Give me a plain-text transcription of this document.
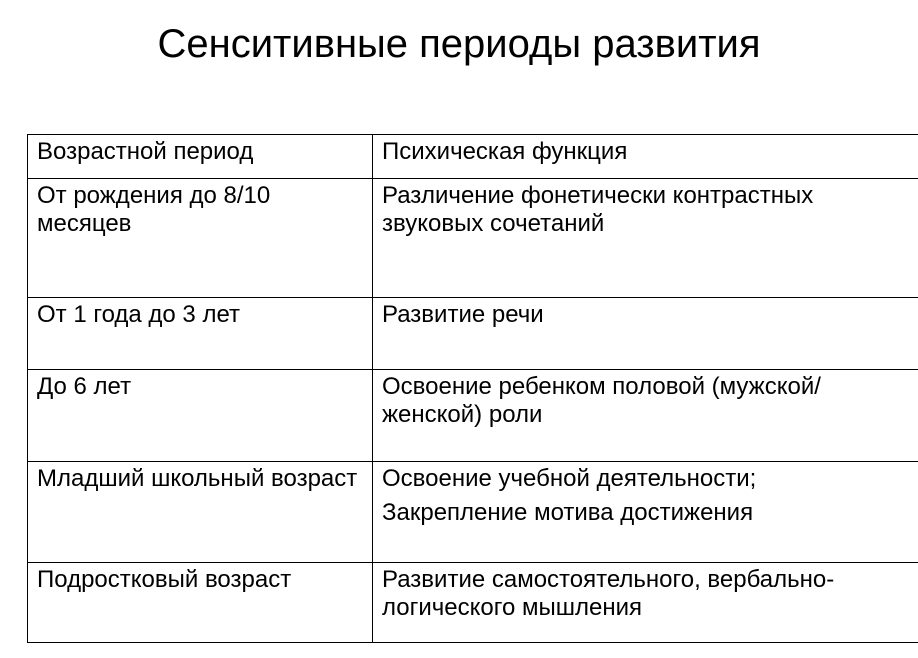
Сенситивные периоды развития
Возрастной период	Психическая функция
От рождения до 8/10 месяцев	Различение фонетически контрастных звуковых сочетаний

От 1 года до 3 лет	Развитие речи

До 6 лет	Освоение ребенком половой (мужской/женской) роли

Младший школьный возраст	Освоение учебной деятельности;
Закрепление мотива достижения

Подростковый возраст	Развитие самостоятельного, вербально-логического мышления
